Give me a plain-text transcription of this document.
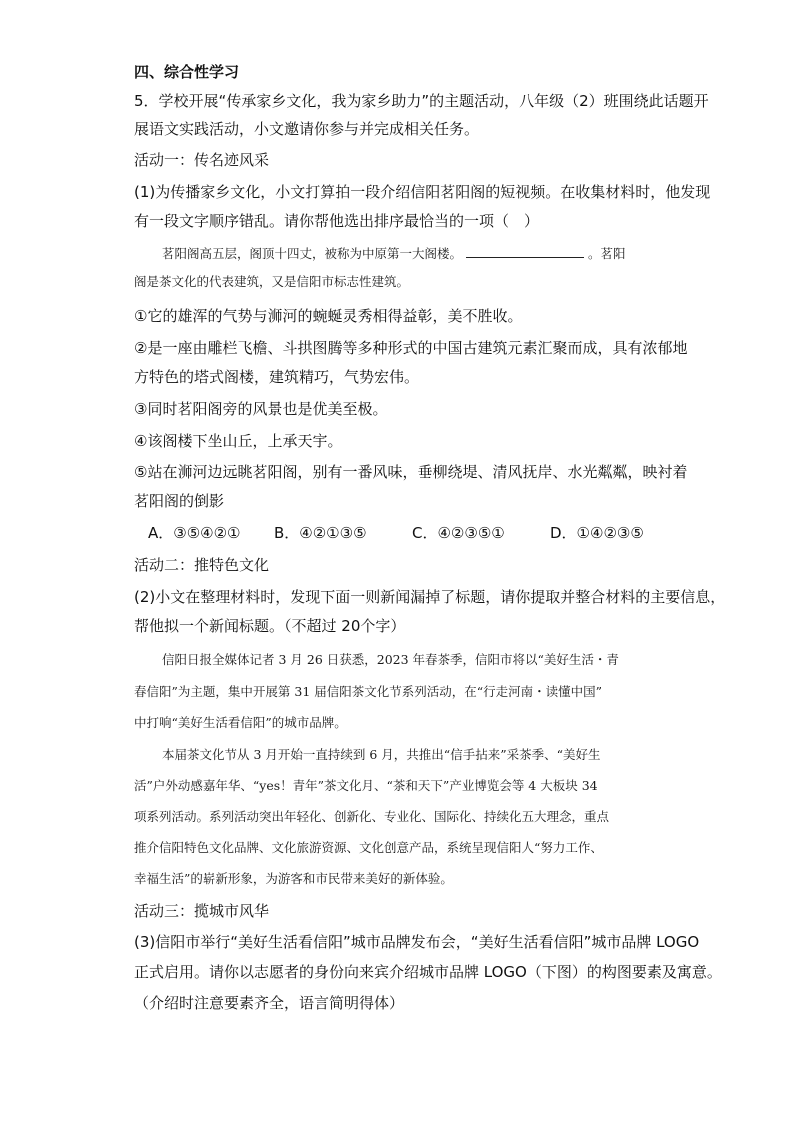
四、综合性学习
5．学校开展“传承家乡文化，我为家乡助力”的主题活动，八年级（2）班围绕此话题开
展语文实践活动，小文邀请你参与并完成相关任务。
活动一：传名迹风采
(1)为传播家乡文化，小文打算拍一段介绍信阳茗阳阁的短视频。在收集材料时，他发现
有一段文字顺序错乱。请你帮他选出排序最恰当的一项（　）
茗阳阁高五层，阁顶十四丈，被称为中原第一大阁楼。	。茗阳
阁是茶文化的代表建筑，又是信阳市标志性建筑。
①它的雄浑的气势与浉河的蜿蜒灵秀相得益彰，美不胜收。
②是一座由雕栏飞檐、斗拱图腾等多种形式的中国古建筑元素汇聚而成，具有浓郁地
方特色的塔式阁楼，建筑精巧，气势宏伟。
③同时茗阳阁旁的风景也是优美至极。
④该阁楼下坐山丘，上承天宇。
⑤站在浉河边远眺茗阳阁，别有一番风味，垂柳绕堤、清风抚岸、水光粼粼，映衬着
茗阳阁的倒影
A．③⑤④②① B．④②①③⑤	C．④②③⑤①	D．①④②③⑤
活动二：推特色文化
(2)小文在整理材料时，发现下面一则新闻漏掉了标题，请你提取并整合材料的主要信息，
帮他拟一个新闻标题。（不超过 20个字）
信阳日报全媒体记者 3 月 26 日获悉，2023 年春茶季，信阳市将以“美好生活・青
春信阳”为主题，集中开展第 31 届信阳茶文化节系列活动，在“行走河南・读懂中国”
中打响“美好生活看信阳”的城市品牌。
本届茶文化节从 3 月开始一直持续到 6 月，共推出“信手拈来”采茶季、“美好生
活”户外动感嘉年华、“yes！青年”茶文化月、“茶和天下”产业博览会等 4 大板块 34
项系列活动。系列活动突出年轻化、创新化、专业化、国际化、持续化五大理念，重点
推介信阳特色文化品牌、文化旅游资源、文化创意产品，系统呈现信阳人“努力工作、
幸福生活”的崭新形象，为游客和市民带来美好的新体验。
活动三：揽城市风华
(3)信阳市举行“美好生活看信阳”城市品牌发布会，“美好生活看信阳”城市品牌 LOGO
正式启用。请你以志愿者的身份向来宾介绍城市品牌 LOGO（下图）的构图要素及寓意。
（介绍时注意要素齐全，语言简明得体）
